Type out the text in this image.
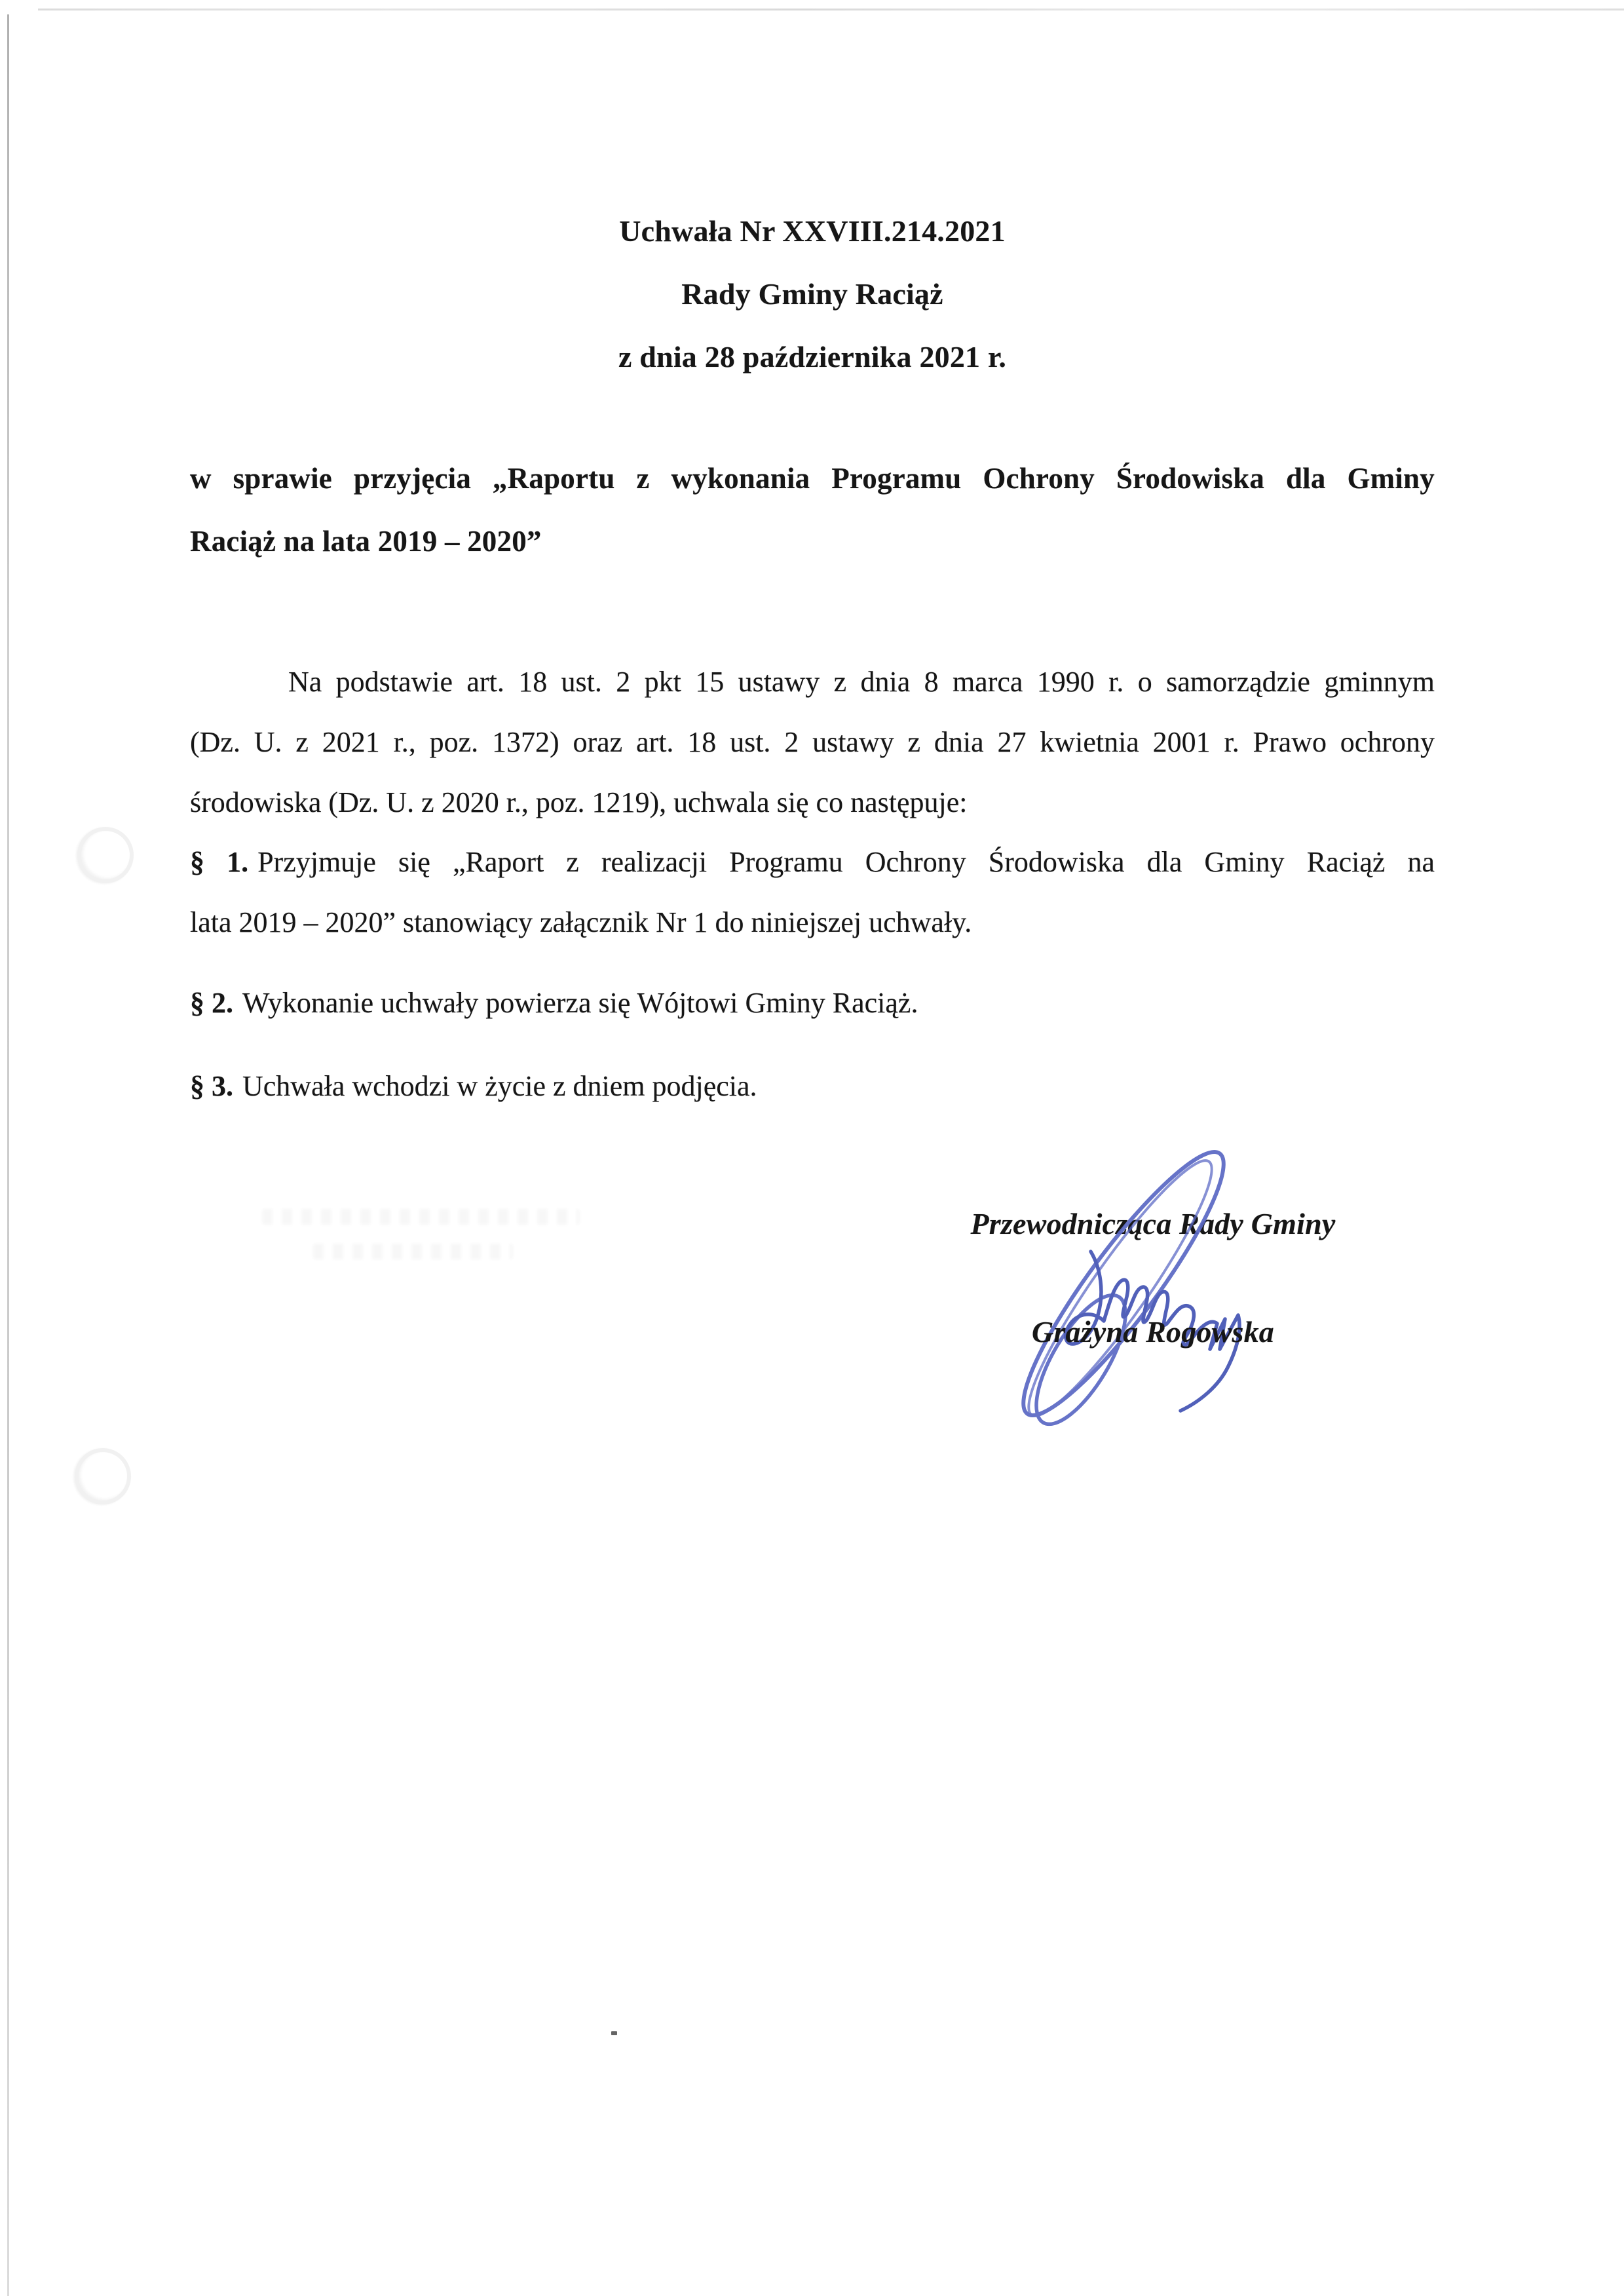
Uchwała Nr XXVIII.214.2021
Rady Gminy Raciąż
z dnia 28 października 2021 r.
w sprawie przyjęcia „Raportu z wykonania Programu Ochrony Środowiska dla Gminy
Raciąż na lata 2019 – 2020”
Na podstawie art. 18 ust. 2 pkt 15 ustawy z dnia 8 marca 1990 r. o samorządzie gminnym
(Dz. U. z 2021 r., poz. 1372) oraz art. 18 ust. 2 ustawy z dnia 27 kwietnia 2001 r. Prawo ochrony
środowiska (Dz. U. z 2020 r., poz. 1219), uchwala się co następuje:
§ 1. Przyjmuje się „Raport z realizacji Programu Ochrony Środowiska dla Gminy Raciąż na
lata 2019 – 2020” stanowiący załącznik Nr 1 do niniejszej uchwały.
§ 2. Wykonanie uchwały powierza się Wójtowi Gminy Raciąż.
§ 3. Uchwała wchodzi w życie z dniem podjęcia.
Przewodnicząca Rady Gminy
Grażyna Rogowska
